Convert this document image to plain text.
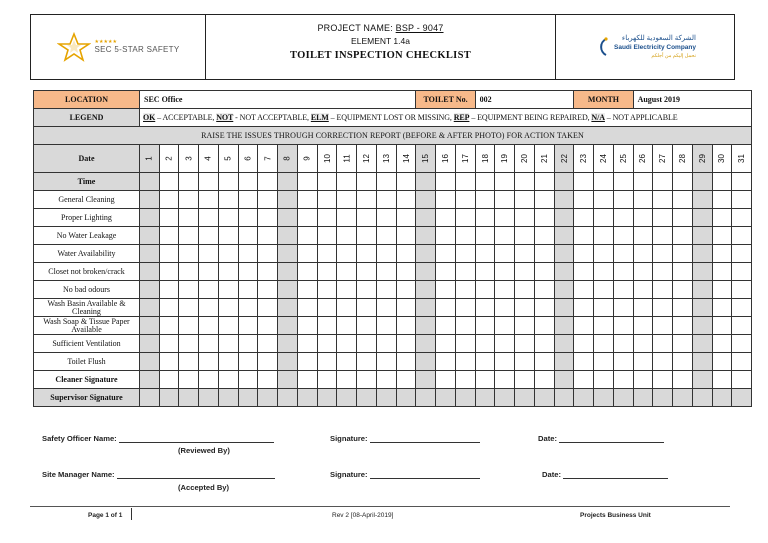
★★★★★
SEC 5-STAR SAFETY
PROJECT NAME: BSP - 9047
ELEMENT 1.4a
TOILET INSPECTION CHECKLIST
الشركة السعودية للكهرباء
Saudi Electricity Company
نحمل إليكم من أجلكم
LOCATION	SEC Office														TOILET No.			002					MONTH			August 2019					
LEGEND	OK – ACCEPTABLE, NOT - NOT ACCEPTABLE, ELM – EQUIPMENT LOST OR MISSING, REP – EQUIPMENT BEING REPAIRED, N/A – NOT APPLICABLE																														
RAISE THE ISSUES THROUGH CORRECTION REPORT (BEFORE & AFTER PHOTO) FOR ACTION TAKEN																															
Date	1	2	3	4	5	6	7	8	9	10	11	12	13	14	15	16	17	18	19	20	21	22	23	24	25	26	27	28	29	30	31
Time																															
General Cleaning																															
Proper Lighting																															
No Water Leakage																															
Water Availability																															
Closet not broken/crack																															
No bad odours																															
Wash Basin Available & Cleaning																															
Wash Soap & Tissue Paper Available																															
Sufficient Ventilation																															
Toilet Flush																															
Cleaner Signature																															
Supervisor Signature																															
Safety Officer Name:
(Reviewed By)
Signature:	Date:
Site Manager Name:
(Accepted By)
Signature:	Date:
Page 1 of 1	Rev 2 [08-April-2019]	Projects Business Unit
